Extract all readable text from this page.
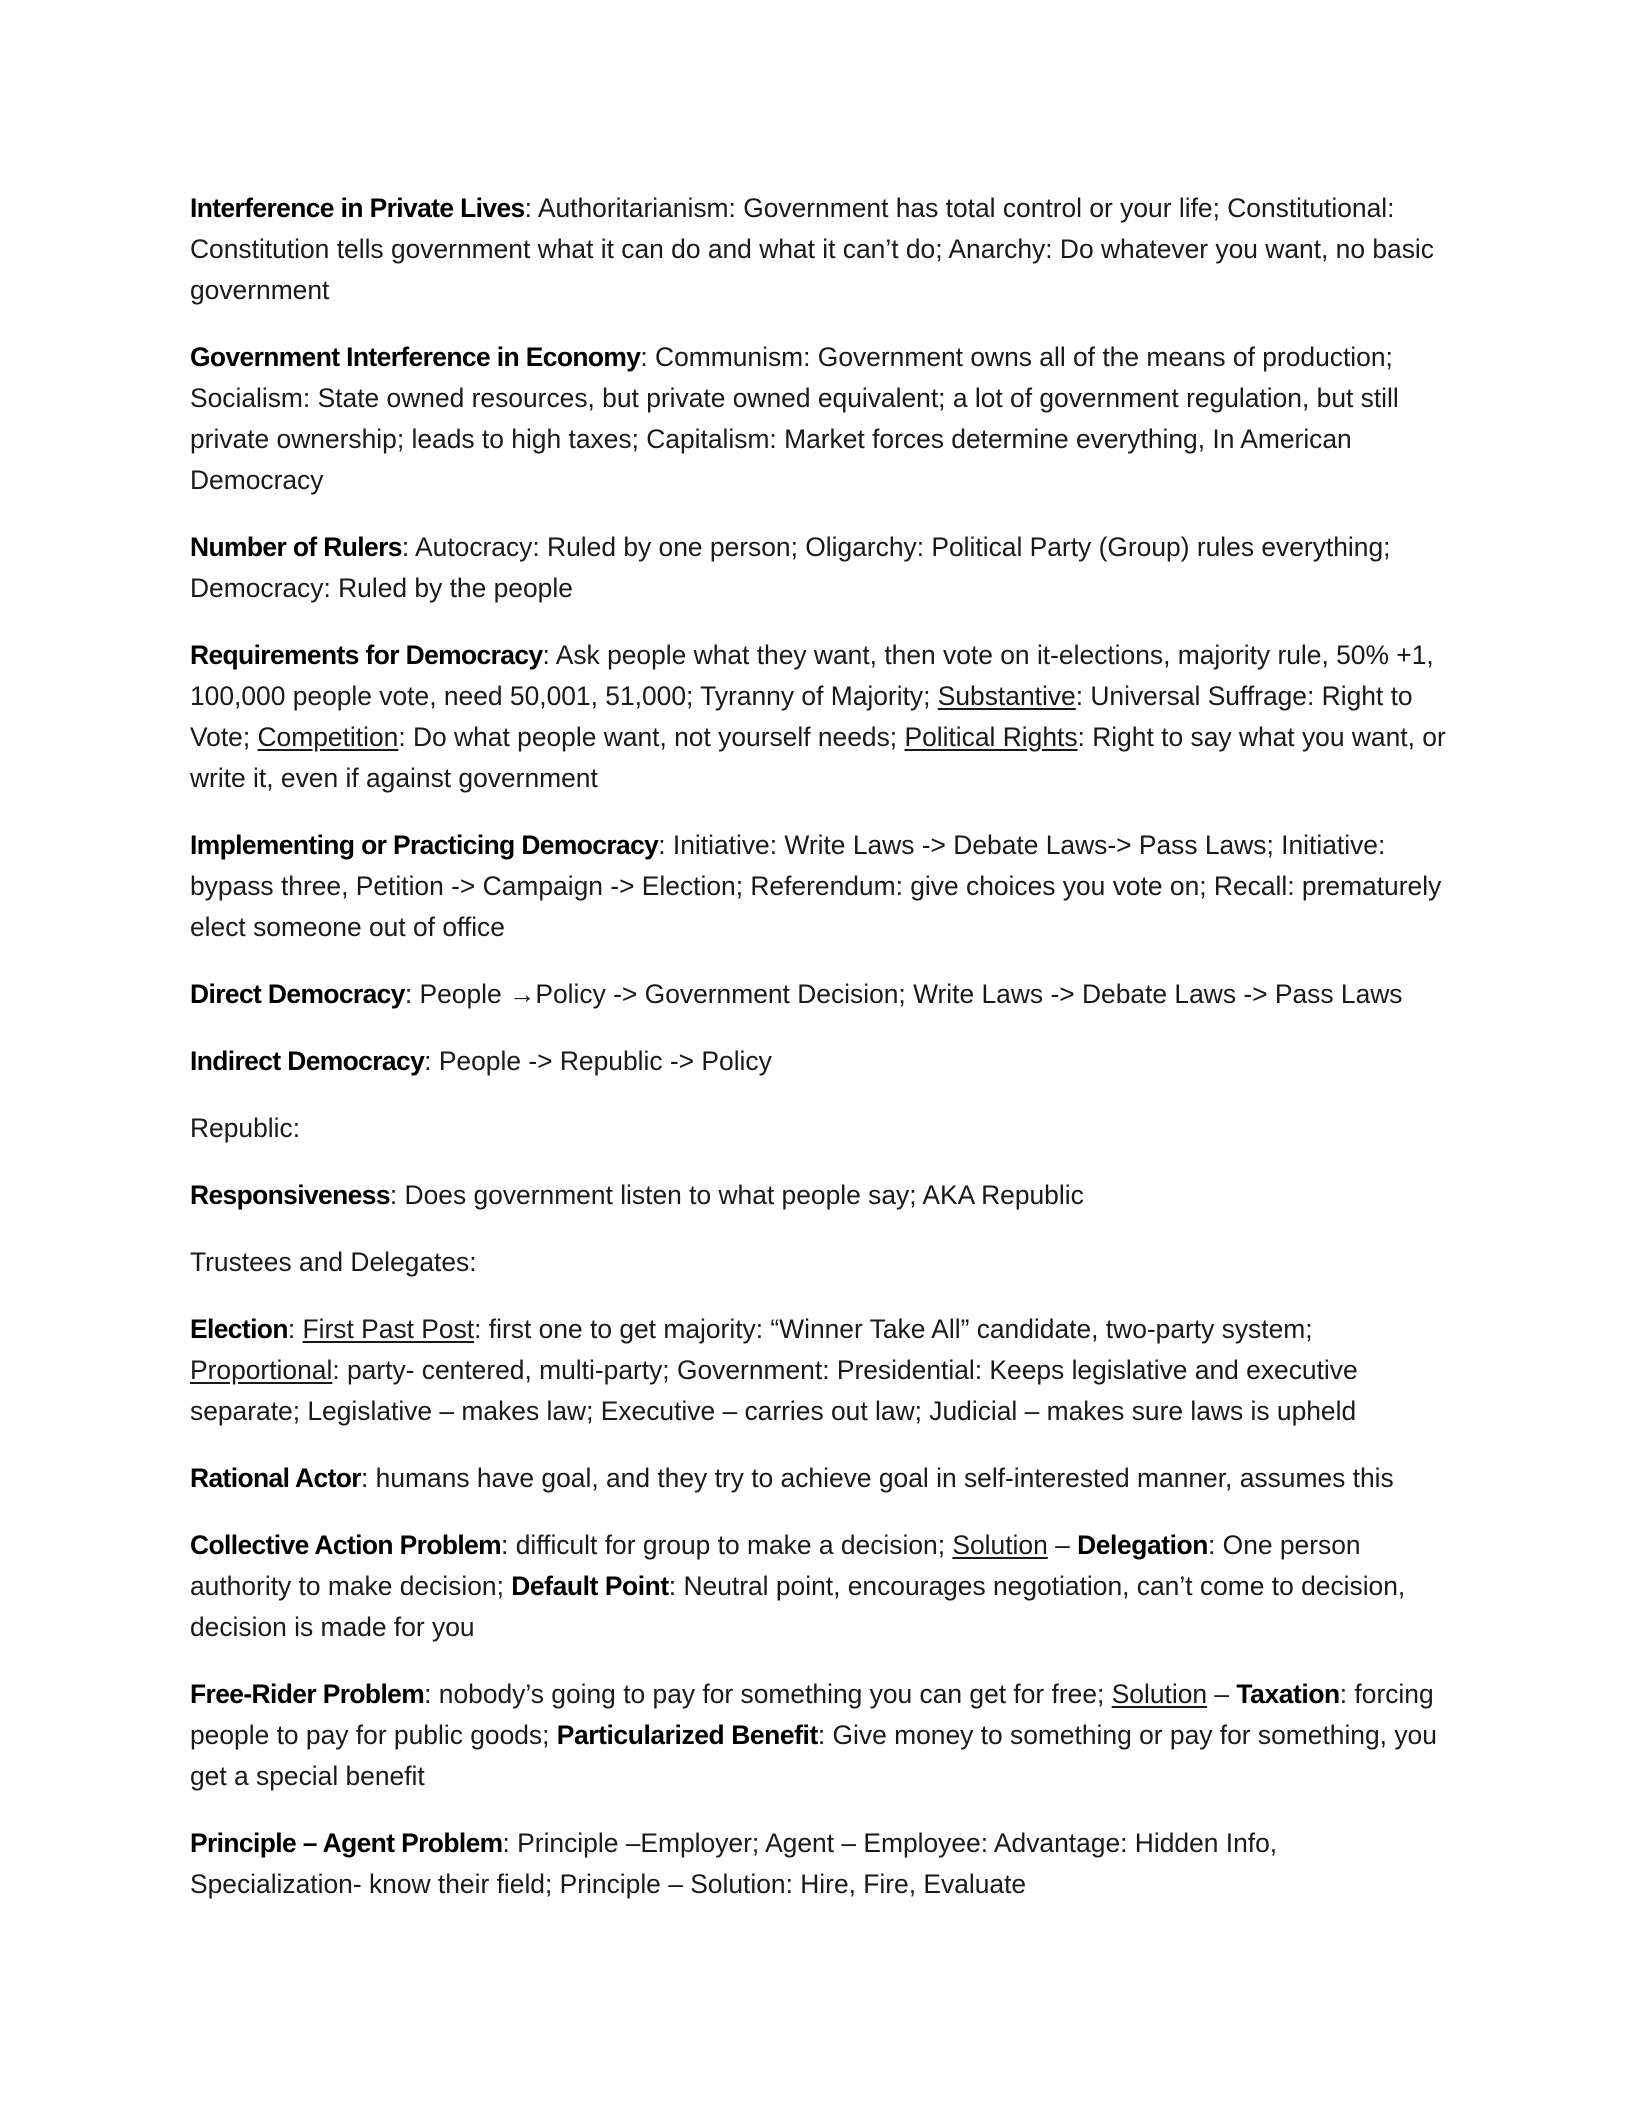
Interference in Private Lives: Authoritarianism: Government has total control or your life; Constitutional: Constitution tells government what it can do and what it can’t do; Anarchy: Do whatever you want, no basic government

Government Interference in Economy: Communism: Government owns all of the means of production; Socialism: State owned resources, but private owned equivalent; a lot of government regulation, but still private ownership; leads to high taxes; Capitalism: Market forces determine everything, In American Democracy

Number of Rulers: Autocracy: Ruled by one person; Oligarchy: Political Party (Group) rules everything; Democracy: Ruled by the people

Requirements for Democracy: Ask people what they want, then vote on it-elections, majority rule, 50% +1, 100,000 people vote, need 50,001, 51,000; Tyranny of Majority; Substantive: Universal Suffrage: Right to Vote; Competition: Do what people want, not yourself needs; Political Rights: Right to say what you want, or write it, even if against government

Implementing or Practicing Democracy: Initiative: Write Laws -> Debate Laws-> Pass Laws; Initiative: bypass three, Petition -> Campaign -> Election; Referendum: give choices you vote on; Recall: prematurely elect someone out of office

Direct Democracy: People →Policy -> Government Decision; Write Laws -> Debate Laws -> Pass Laws

Indirect Democracy: People -> Republic -> Policy

Republic:

Responsiveness: Does government listen to what people say; AKA Republic

Trustees and Delegates:

Election: First Past Post: first one to get majority: “Winner Take All” candidate, two-party system; Proportional: party- centered, multi-party; Government: Presidential: Keeps legislative and executive separate; Legislative – makes law; Executive – carries out law; Judicial – makes sure laws is upheld

Rational Actor: humans have goal, and they try to achieve goal in self-interested manner, assumes this

Collective Action Problem: difficult for group to make a decision; Solution – Delegation: One person authority to make decision; Default Point: Neutral point, encourages negotiation, can’t come to decision, decision is made for you

Free-Rider Problem: nobody’s going to pay for something you can get for free; Solution – Taxation: forcing people to pay for public goods; Particularized Benefit: Give money to something or pay for something, you get a special benefit

Principle – Agent Problem: Principle –Employer; Agent – Employee: Advantage: Hidden Info, Specialization- know their field; Principle – Solution: Hire, Fire, Evaluate
